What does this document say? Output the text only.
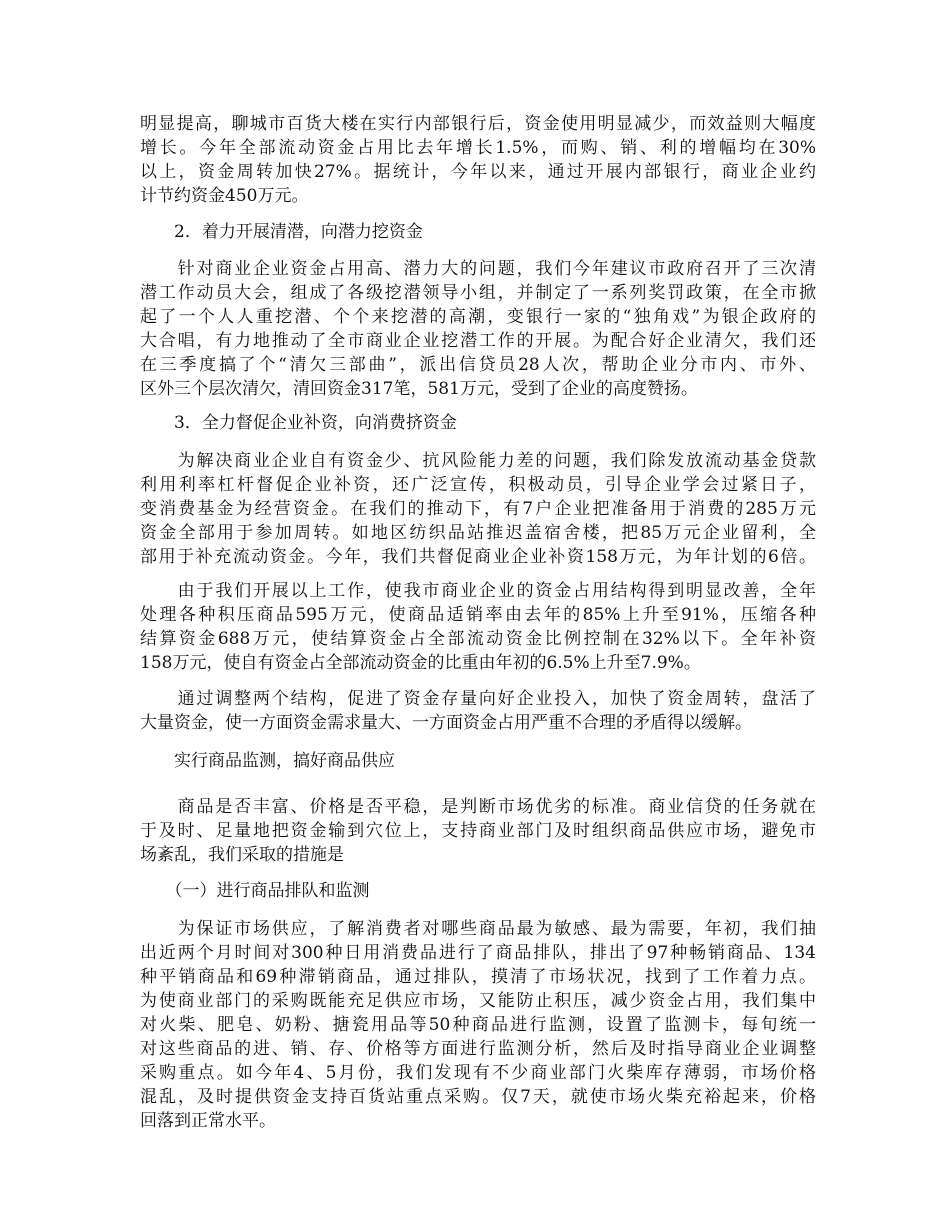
明显提高，聊城市百货大楼在实行内部银行后，资金使用明显减少，而效益则大幅度
增长。今年全部流动资金占用比去年增长1.5%，而购、销、利的增幅均在30%
以上，资金周转加快27%。据统计，今年以来，通过开展内部银行，商业企业约
计节约资金450万元。
　　2．着力开展清潜，向潜力挖资金
　　针对商业企业资金占用高、潜力大的问题，我们今年建议市政府召开了三次清
潜工作动员大会，组成了各级挖潜领导小组，并制定了一系列奖罚政策，在全市掀
起了一个人人重挖潜、个个来挖潜的高潮，变银行一家的“独角戏”为银企政府的
大合唱，有力地推动了全市商业企业挖潜工作的开展。为配合好企业清欠，我们还
在三季度搞了个“清欠三部曲”，派出信贷员28人次，帮助企业分市内、市外、
区外三个层次清欠，清回资金317笔，581万元，受到了企业的高度赞扬。
　　3．全力督促企业补资，向消费挤资金
　　为解决商业企业自有资金少、抗风险能力差的问题，我们除发放流动基金贷款
利用利率杠杆督促企业补资，还广泛宣传，积极动员，引导企业学会过紧日子，
变消费基金为经营资金。在我们的推动下，有7户企业把准备用于消费的285万元
资金全部用于参加周转。如地区纺织品站推迟盖宿舍楼，把85万元企业留利，全
部用于补充流动资金。今年，我们共督促商业企业补资158万元，为年计划的6倍。
　　由于我们开展以上工作，使我市商业企业的资金占用结构得到明显改善，全年
处理各种积压商品595万元，使商品适销率由去年的85%上升至91%，压缩各种
结算资金688万元，使结算资金占全部流动资金比例控制在32%以下。全年补资
158万元，使自有资金占全部流动资金的比重由年初的6.5%上升至7.9%。
　　通过调整两个结构，促进了资金存量向好企业投入，加快了资金周转，盘活了
大量资金，使一方面资金需求量大、一方面资金占用严重不合理的矛盾得以缓解。
　　实行商品监测，搞好商品供应
　　商品是否丰富、价格是否平稳，是判断市场优劣的标准。商业信贷的任务就在
于及时、足量地把资金输到穴位上，支持商业部门及时组织商品供应市场，避免市
场紊乱，我们采取的措施是
　　（一）进行商品排队和监测
　　为保证市场供应，了解消费者对哪些商品最为敏感、最为需要，年初，我们抽
出近两个月时间对300种日用消费品进行了商品排队，排出了97种畅销商品、134
种平销商品和69种滞销商品，通过排队，摸清了市场状况，找到了工作着力点。
为使商业部门的采购既能充足供应市场，又能防止积压，减少资金占用，我们集中
对火柴、肥皂、奶粉、搪瓷用品等50种商品进行监测，设置了监测卡，每旬统一
对这些商品的进、销、存、价格等方面进行监测分析，然后及时指导商业企业调整
采购重点。如今年4、5月份，我们发现有不少商业部门火柴库存薄弱，市场价格
混乱，及时提供资金支持百货站重点采购。仅7天，就使市场火柴充裕起来，价格
回落到正常水平。
